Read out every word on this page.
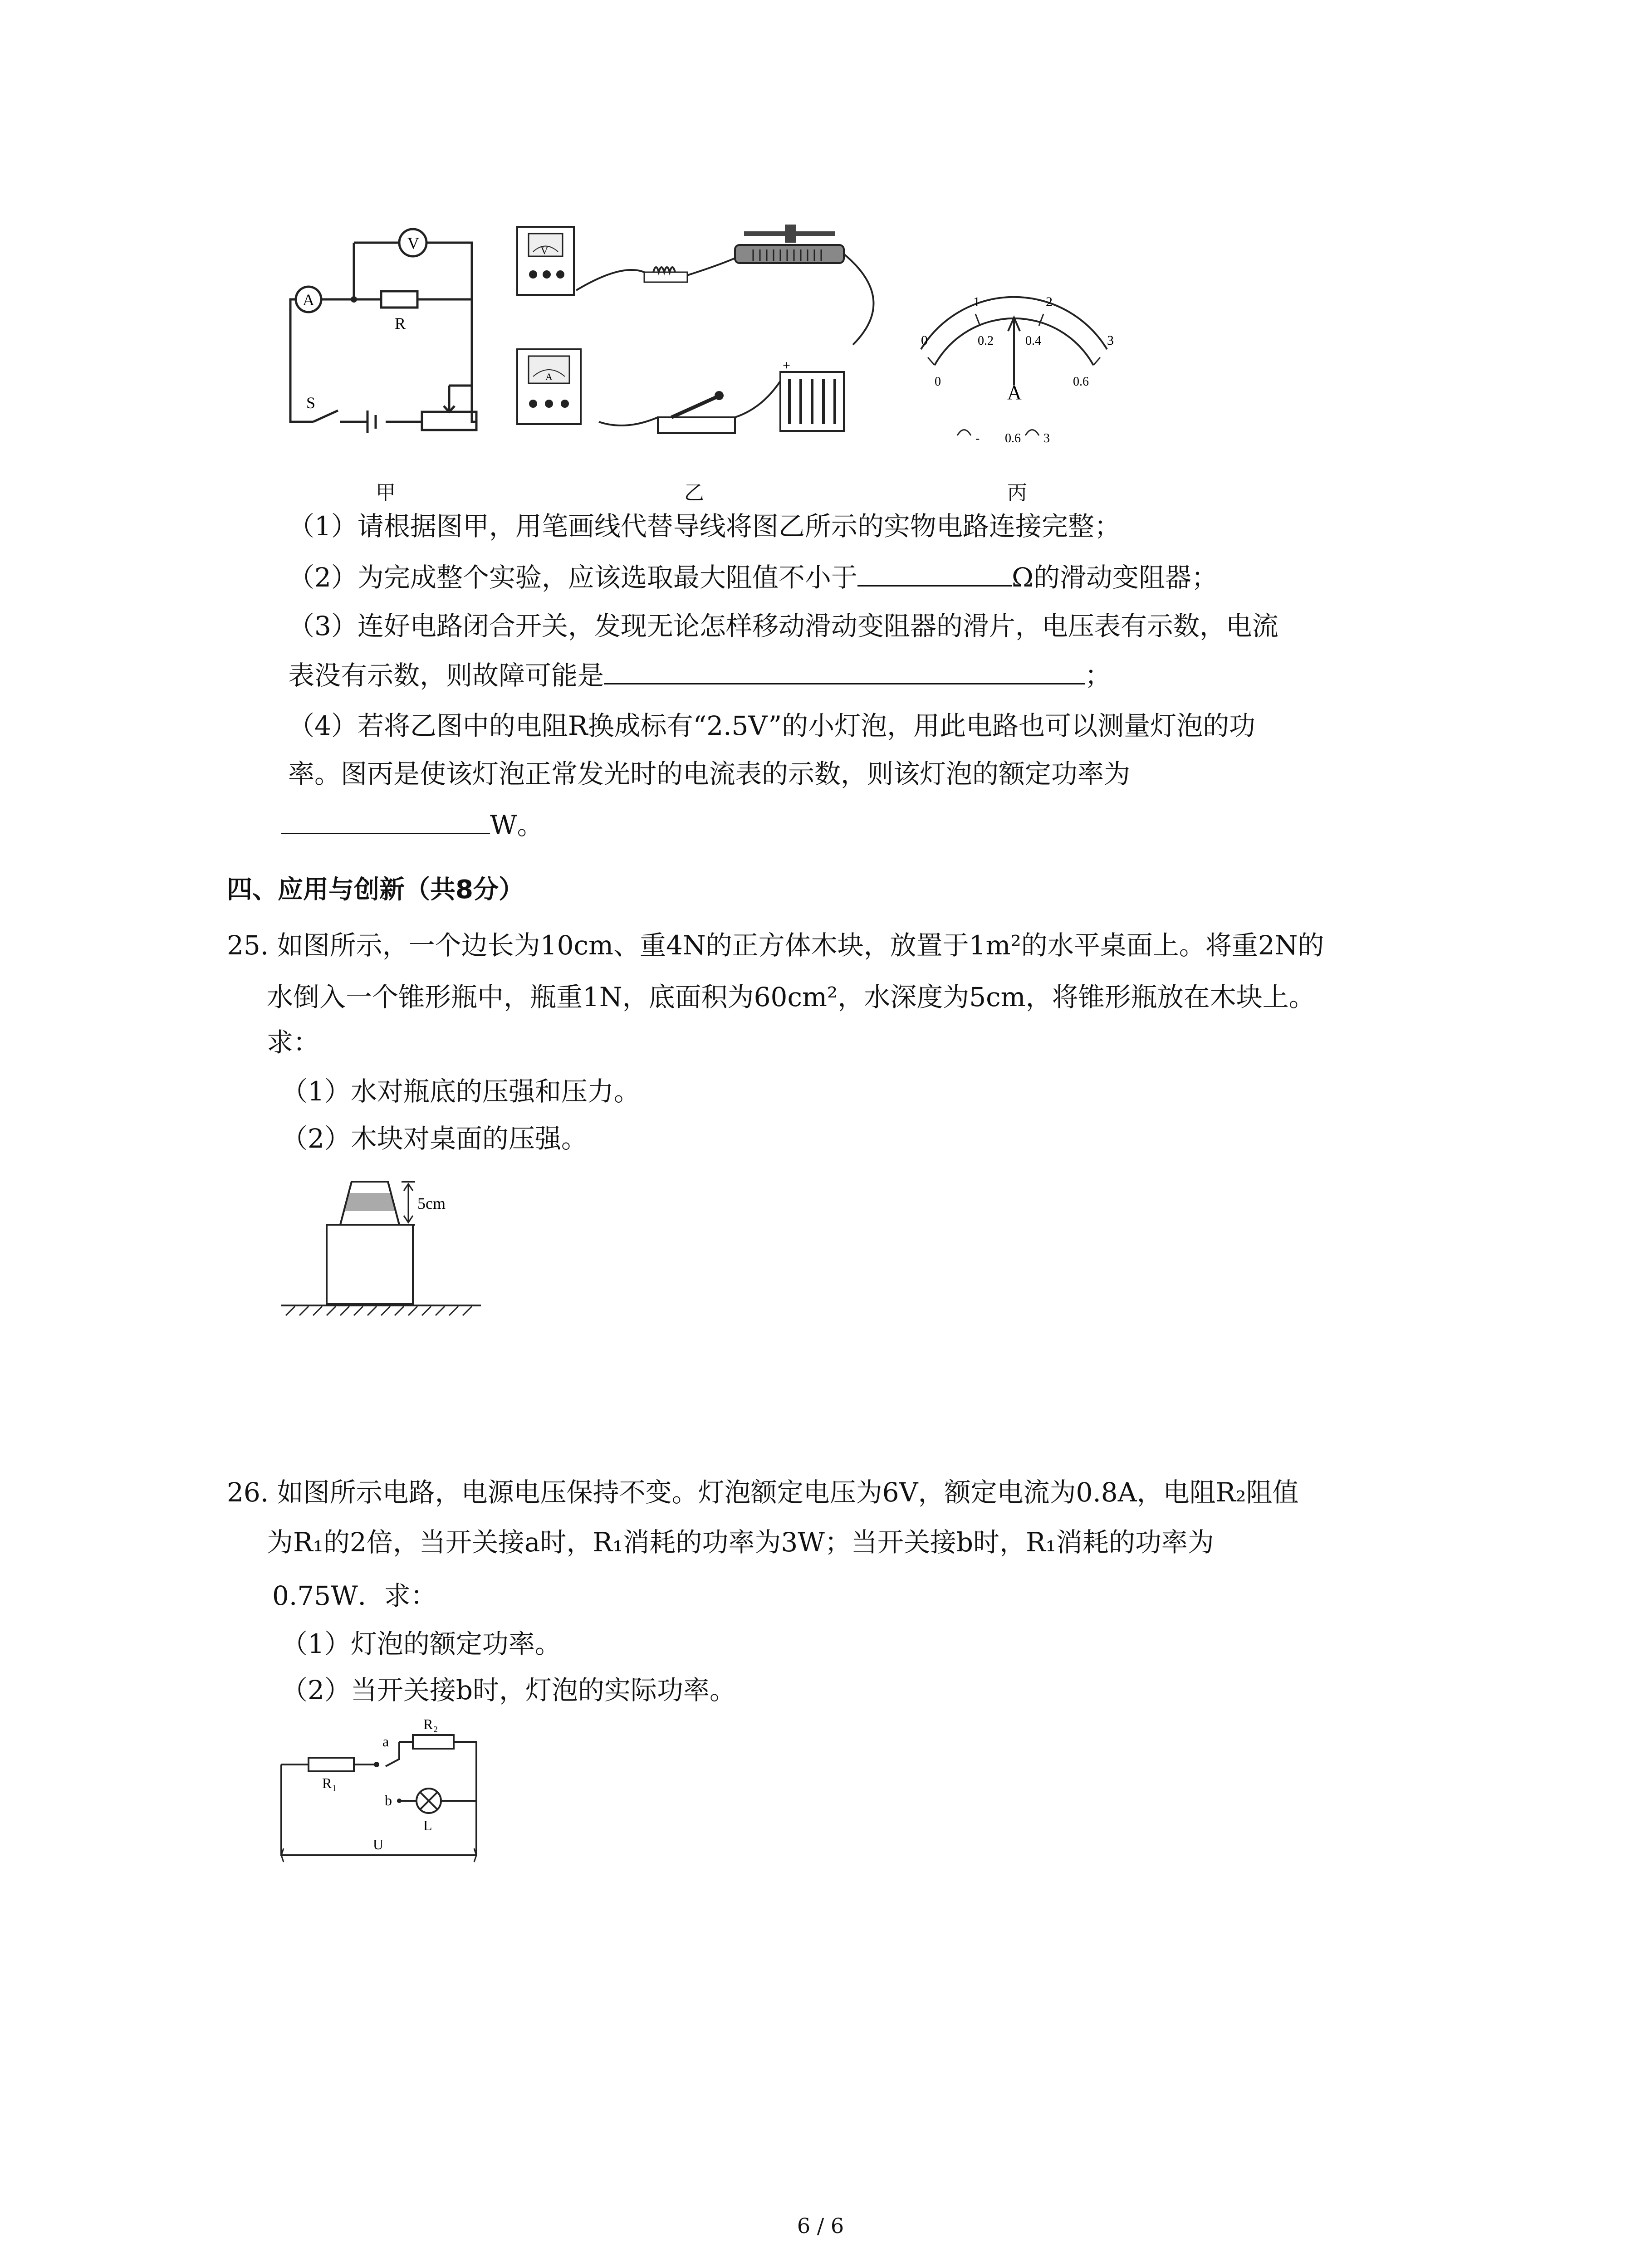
V
A
R
S
V
A
+
0
1	2
3
0
0.2	0.4
0.6
A
- 0.6 3
甲	乙	丙
（1）请根据图甲，用笔画线代替导线将图乙所示的实物电路连接完整；
（2）为完成整个实验，应该选取最大阻值不小于	Ω的滑动变阻器；
（3）连好电路闭合开关，发现无论怎样移动滑动变阻器的滑片，电压表有示数，电流
表没有示数，则故障可能是	；
（4）若将乙图中的电阻R换成标有“2.5V”的小灯泡，用此电路也可以测量灯泡的功
率。图丙是使该灯泡正常发光时的电流表的示数，则该灯泡的额定功率为
W。
四、应用与创新（共8分）
25. 如图所示，一个边长为10cm、重4N的正方体木块，放置于1m²的水平桌面上。将重2N的
水倒入一个锥形瓶中，瓶重1N，底面积为60cm²，水深度为5cm，将锥形瓶放在木块上。
求：
（1）水对瓶底的压强和压力。
（2）木块对桌面的压强。
5cm
26. 如图所示电路，电源电压保持不变。灯泡额定电压为6V，额定电流为0.8A，电阻R₂阻值
为R₁的2倍，当开关接a时，R₁消耗的功率为3W；当开关接b时，R₁消耗的功率为
0.75W．求：
（1）灯泡的额定功率。
（2）当开关接b时，灯泡的实际功率。
R₂
a
R₁
b
L
U
6 / 6
